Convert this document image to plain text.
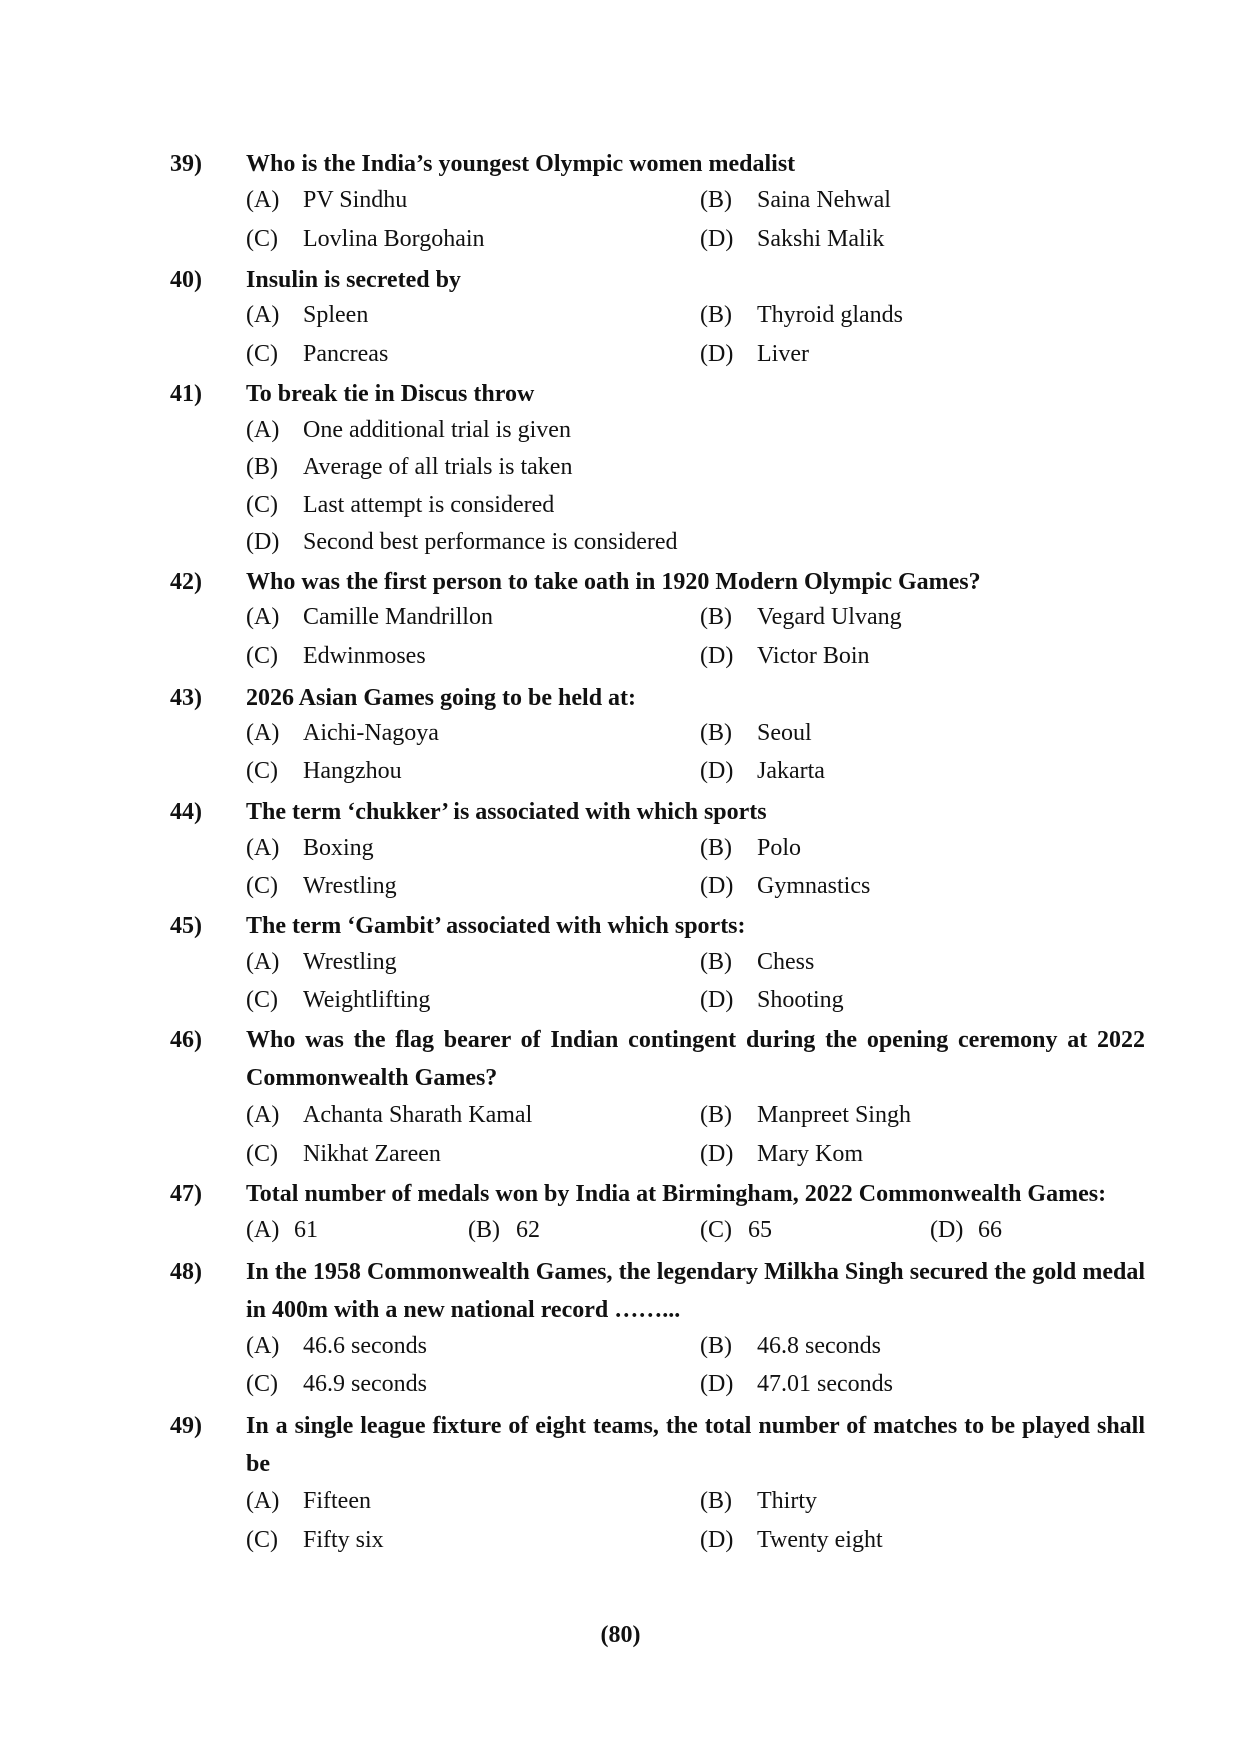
39)	Who is the India’s youngest Olympic women medalist
(A) PV Sindhu	(B) Saina Nehwal
(C) Lovlina Borgohain	(D) Sakshi Malik
40)	Insulin is secreted by
(A) Spleen	(B) Thyroid glands
(C) Pancreas	(D) Liver
41)	To break tie in Discus throw
(A) One additional trial is given
(B) Average of all trials is taken
(C) Last attempt is considered
(D) Second best performance is considered
42)	Who was the first person to take oath in 1920 Modern Olympic Games?
(A) Camille Mandrillon	(B) Vegard Ulvang
(C) Edwinmoses	(D) Victor Boin
43)	2026 Asian Games going to be held at:
(A) Aichi-Nagoya	(B) Seoul
(C) Hangzhou	(D) Jakarta
44)	The term ‘chukker’ is associated with which sports
(A) Boxing	(B) Polo
(C) Wrestling	(D) Gymnastics
45)	The term ‘Gambit’ associated with which sports:
(A) Wrestling	(B) Chess
(C) Weightlifting	(D) Shooting
46)	Who was the flag bearer of Indian contingent during the opening ceremony at 2022 Commonwealth Games?
(A) Achanta Sharath Kamal	(B) Manpreet Singh
(C) Nikhat Zareen	(D) Mary Kom
47)	Total number of medals won by India at Birmingham, 2022 Commonwealth Games:
(A) 61	(B) 62	(C) 65	(D) 66
48)	In the 1958 Commonwealth Games, the legendary Milkha Singh secured the gold medal in 400m with a new national record ……...
(A) 46.6 seconds	(B) 46.8 seconds
(C) 46.9 seconds	(D) 47.01 seconds
49)	In a single league fixture of eight teams, the total number of matches to be played shall be
(A) Fifteen	(B) Thirty
(C) Fifty six	(D) Twenty eight
(80)
